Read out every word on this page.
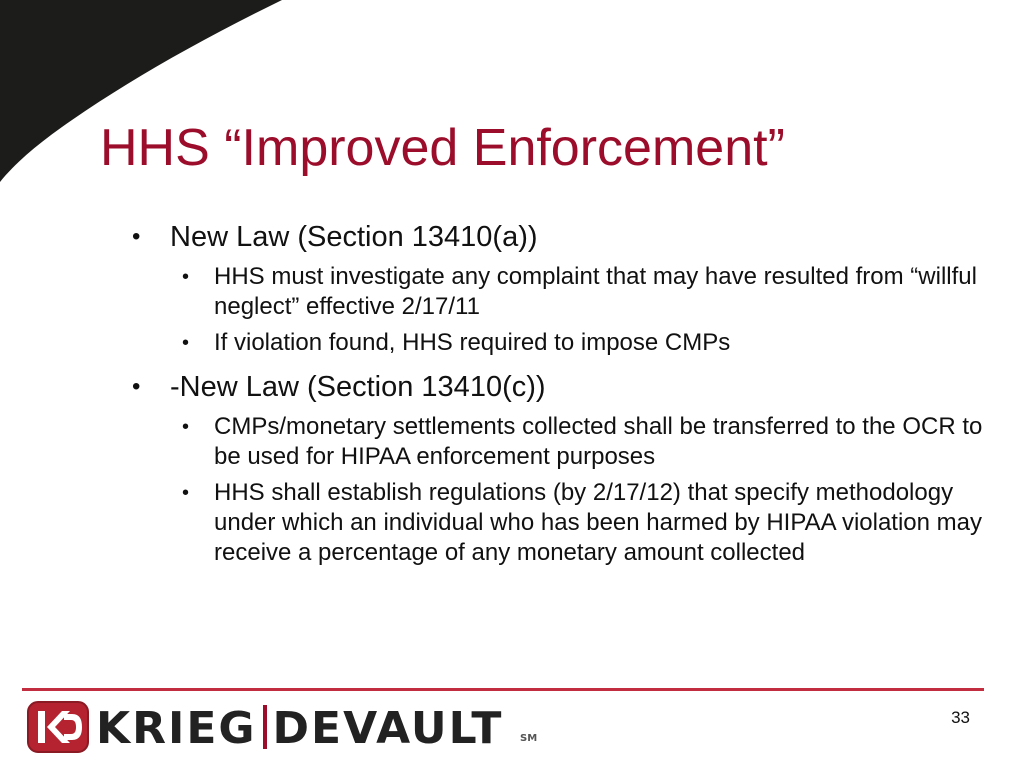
HHS “Improved Enforcement”
• New Law (Section 13410(a))
• HHS must investigate any complaint that may have resulted from “willful neglect” effective 2/17/11
• If violation found, HHS required to impose CMPs
• -New Law (Section 13410(c))
• CMPs/monetary settlements collected shall be transferred to the OCR to be used for HIPAA enforcement purposes
• HHS shall establish regulations (by 2/17/12) that specify methodology under which an individual who has been harmed by HIPAA violation may receive a percentage of any monetary amount collected
KRIEG DEVAULT SM
33
